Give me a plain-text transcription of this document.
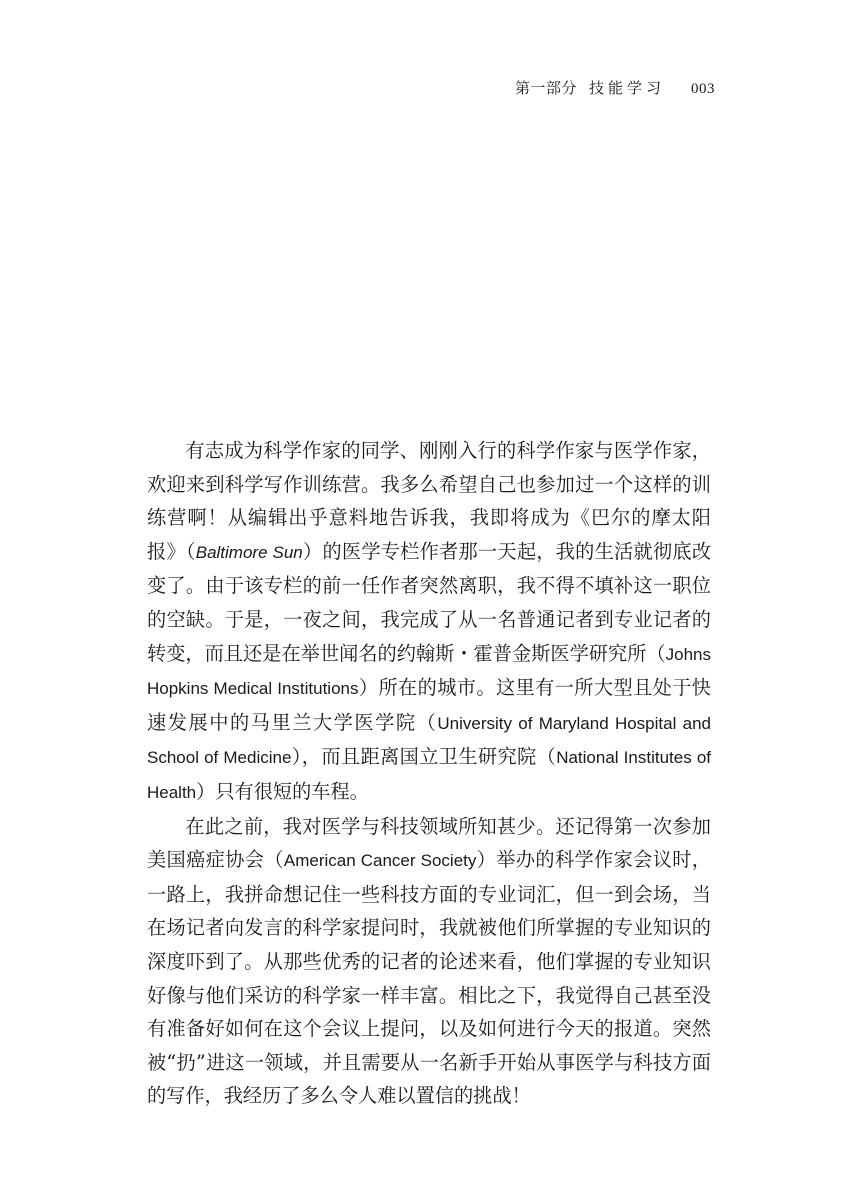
第一部分 技能学习 003

有志成为科学作家的同学、刚刚入行的科学作家与医学作家，欢迎来到科学写作训练营。我多么希望自己也参加过一个这样的训练营啊！从编辑出乎意料地告诉我，我即将成为《巴尔的摩太阳报》（Baltimore Sun）的医学专栏作者那一天起，我的生活就彻底改变了。由于该专栏的前一任作者突然离职，我不得不填补这一职位的空缺。于是，一夜之间，我完成了从一名普通记者到专业记者的转变，而且还是在举世闻名的约翰斯・霍普金斯医学研究所（Johns Hopkins Medical Institutions）所在的城市。这里有一所大型且处于快速发展中的马里兰大学医学院（University of Maryland Hospital and School of Medicine），而且距离国立卫生研究院（National Institutes of Health）只有很短的车程。

在此之前，我对医学与科技领域所知甚少。还记得第一次参加美国癌症协会（American Cancer Society）举办的科学作家会议时，一路上，我拼命想记住一些科技方面的专业词汇，但一到会场，当在场记者向发言的科学家提问时，我就被他们所掌握的专业知识的深度吓到了。从那些优秀的记者的论述来看，他们掌握的专业知识好像与他们采访的科学家一样丰富。相比之下，我觉得自己甚至没有准备好如何在这个会议上提问，以及如何进行今天的报道。突然被“扔”进这一领域，并且需要从一名新手开始从事医学与科技方面的写作，我经历了多么令人难以置信的挑战！
